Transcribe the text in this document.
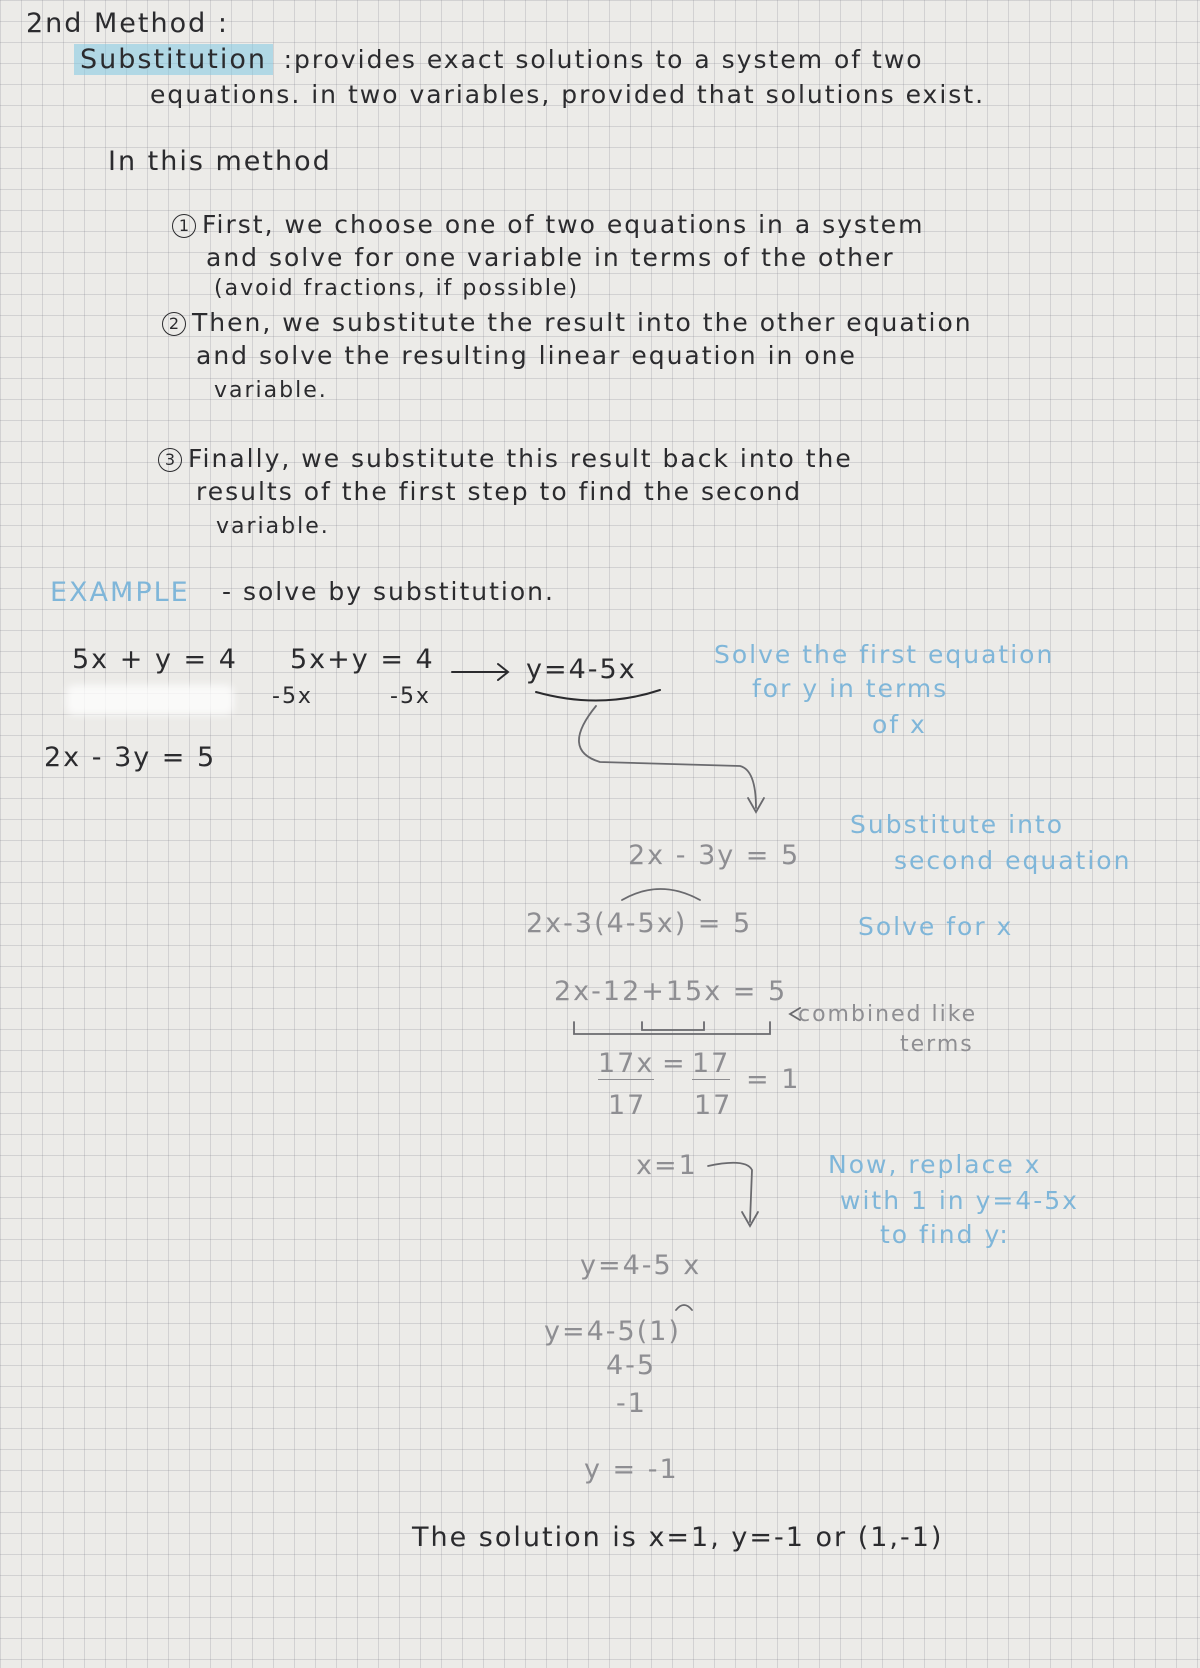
2nd Method :
Substitution :provides exact solutions to a system of two
equations. in two variables, provided that solutions exist.
In this method
1 First, we choose one of two equations in a system
and solve for one variable in terms of the other
(avoid fractions, if possible)
2 Then, we substitute the result into the other equation
and solve the resulting linear equation in one
variable.
3 Finally, we substitute this result back into the
results of the first step to find the second
variable.
EXAMPLE - solve by substitution.
5x + y = 4
2x - 3y = 5
5x+y = 4
-5x	-5x
y=4-5x	Solve the first equation
for y in terms
of x
Substitute into
second equation
2x - 3y = 5
2x-3(4-5x) = 5	Solve for x
2x-12+15x = 5
combined like
terms
17x = 17
= 1
17 17
x=1	Now, replace x
with 1 in y=4-5x
to find y:
y=4-5 x
y=4-5(1)
4-5
-1
y = -1
The solution is x=1, y=-1 or (1,-1)
